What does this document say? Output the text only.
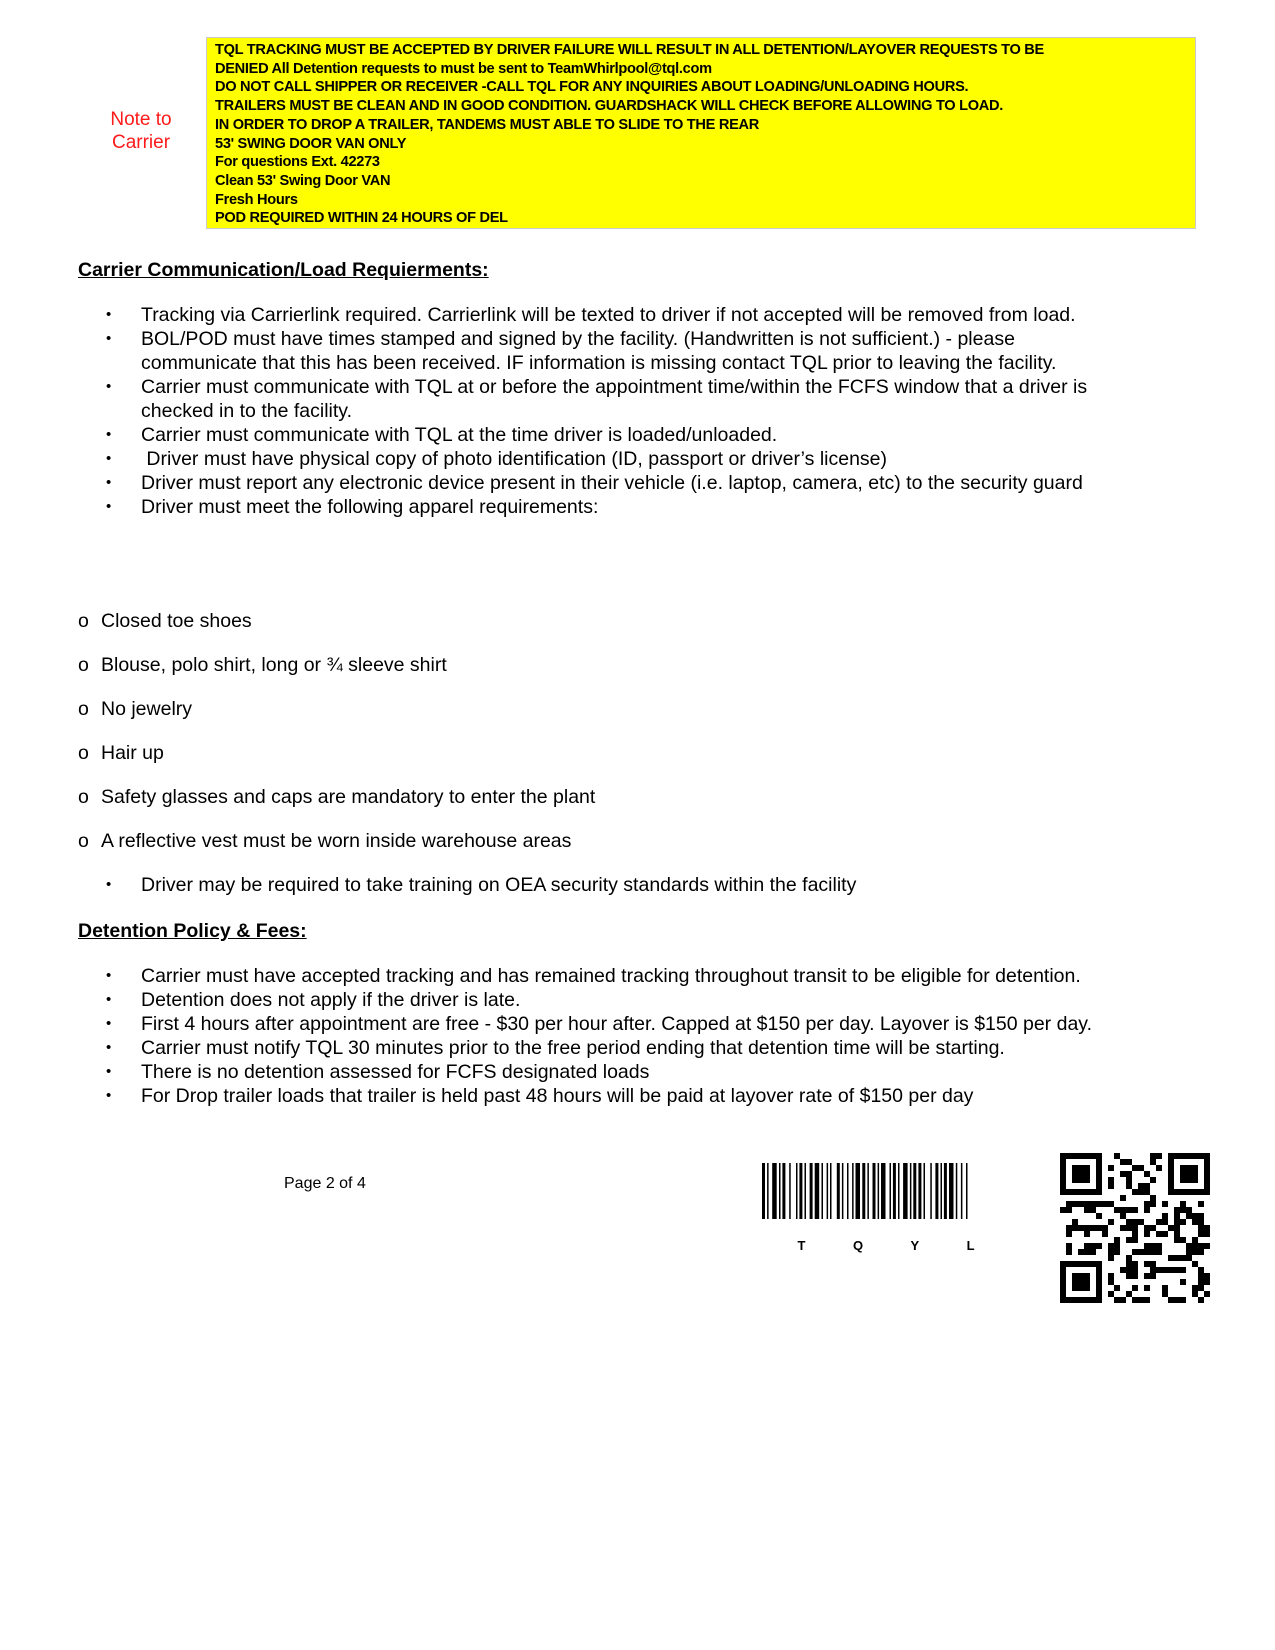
Note to
Carrier
TQL TRACKING MUST BE ACCEPTED BY DRIVER FAILURE WILL RESULT IN ALL DETENTION/LAYOVER REQUESTS TO BE
DENIED All Detention requests to must be sent to TeamWhirlpool@tql.com
DO NOT CALL SHIPPER OR RECEIVER -CALL TQL FOR ANY INQUIRIES ABOUT LOADING/UNLOADING HOURS.
TRAILERS MUST BE CLEAN AND IN GOOD CONDITION. GUARDSHACK WILL CHECK BEFORE ALLOWING TO LOAD.
IN ORDER TO DROP A TRAILER, TANDEMS MUST ABLE TO SLIDE TO THE REAR
53' SWING DOOR VAN ONLY
For questions Ext. 42273
Clean 53' Swing Door VAN
Fresh Hours
POD REQUIRED WITHIN 24 HOURS OF DEL
Carrier Communication/Load Requierments:
• Tracking via Carrierlink required. Carrierlink will be texted to driver if not accepted will be removed from load.
• BOL/POD must have times stamped and signed by the facility. (Handwritten is not sufficient.) - please communicate that this has been received. IF information is missing contact TQL prior to leaving the facility.
• Carrier must communicate with TQL at or before the appointment time/within the FCFS window that a driver is checked in to the facility.
• Carrier must communicate with TQL at the time driver is loaded/unloaded.
• Driver must have physical copy of photo identification (ID, passport or driver’s license)
• Driver must report any electronic device present in their vehicle (i.e. laptop, camera, etc) to the security guard
• Driver must meet the following apparel requirements:
o Closed toe shoes
o Blouse, polo shirt, long or ¾ sleeve shirt
o No jewelry
o Hair up
o Safety glasses and caps are mandatory to enter the plant
o A reflective vest must be worn inside warehouse areas
• Driver may be required to take training on OEA security standards within the facility
Detention Policy & Fees:
• Carrier must have accepted tracking and has remained tracking throughout transit to be eligible for detention.
• Detention does not apply if the driver is late.
• First 4 hours after appointment are free - $30 per hour after. Capped at $150 per day. Layover is $150 per day.
• Carrier must notify TQL 30 minutes prior to the free period ending that detention time will be starting.
• There is no detention assessed for FCFS designated loads
• For Drop trailer loads that trailer is held past 48 hours will be paid at layover rate of $150 per day
Page 2 of 4
T Q Y L
